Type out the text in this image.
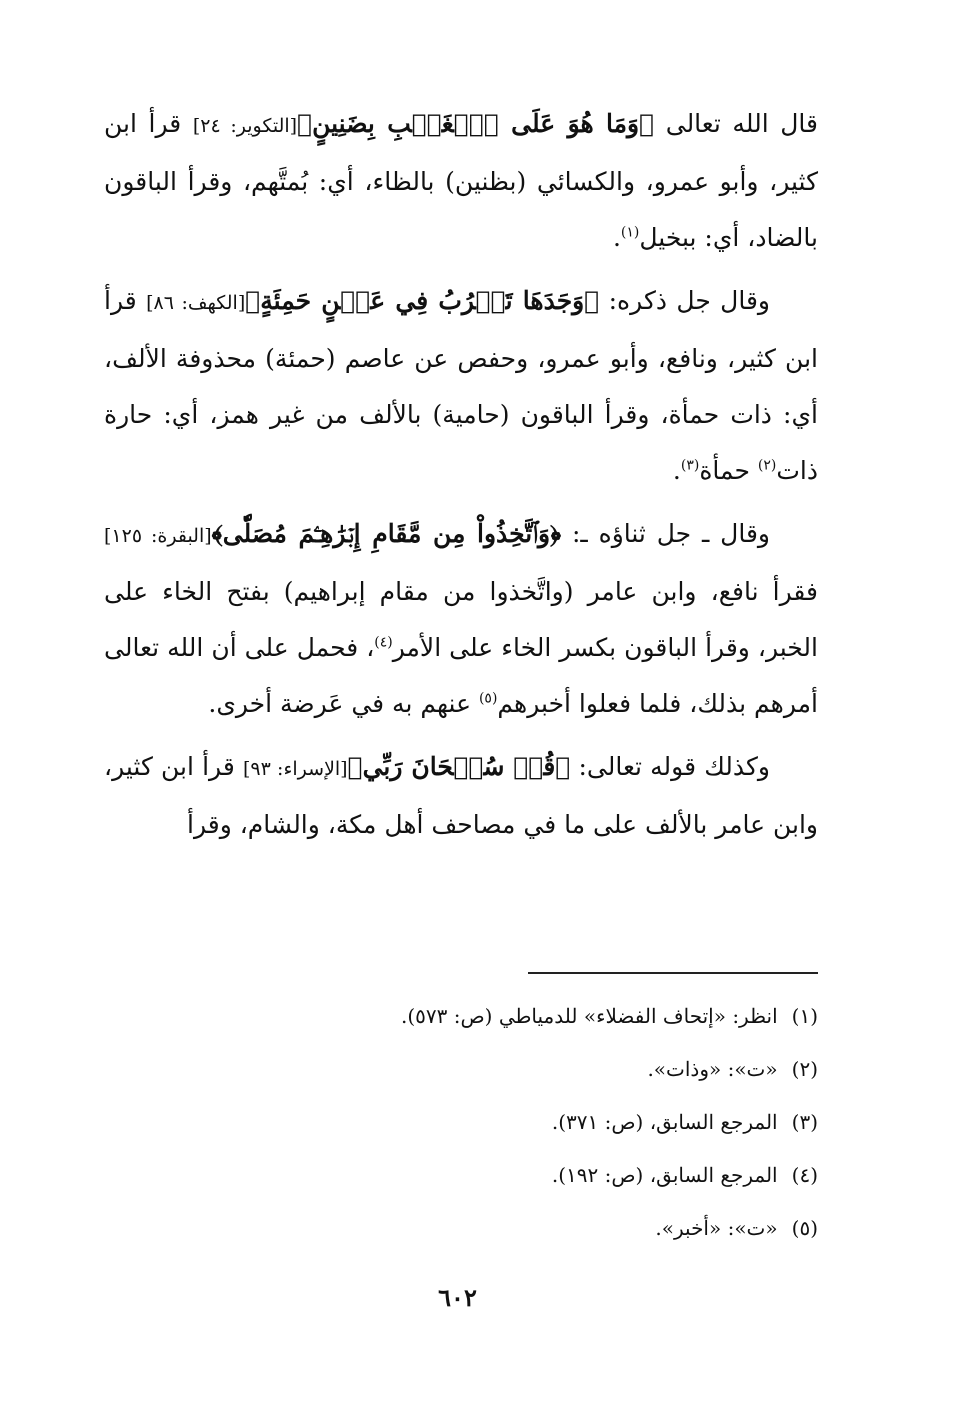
قال الله تعالى ﴿وَمَا هُوَ عَلَى ٱلۡغَيۡبِ بِضَنِينٍ﴾[التكوير: ٢٤] قرأ ابن كثير، وأبو عمرو، والكسائي (بظنين) بالظاء، أي: بُمتَّهم، وقرأ الباقون بالضاد، أي: ببخيل$^{(١)}$.

وقال جل ذكره: ﴿وَجَدَهَا تَغۡرُبُ فِي عَيۡنٍ حَمِئَةٍ﴾[الكهف: ٨٦] قرأ ابن كثير، ونافع، وأبو عمرو، وحفص عن عاصم (حمئة) محذوفة الألف، أي: ذات حمأة، وقرأ الباقون (حامية) بالألف من غير همز، أي: حارة ذات$^{(٢)}$ حمأة$^{(٣)}$.

وقال ـ جل ثناؤه ـ: ﴿وَٱتَّخِذُواْ مِن مَّقَامِ إِبۡرَٰهِـۧمَ مُصَلّٗى﴾[البقرة: ١٢٥] فقرأ نافع، وابن عامر (واتَّخذوا من مقام إبراهيم) بفتح الخاء على الخبر، وقرأ الباقون بكسر الخاء على الأمر$^{(٤)}$، فحمل على أن الله تعالى أمرهم بذلك، فلما فعلوا أخبرهم$^{(٥)}$ عنهم به في عَرضة أخرى.

وكذلك قوله تعالى: ﴿قُلۡ سُبۡحَانَ رَبِّي﴾[الإسراء: ٩٣] قرأ ابن كثير، وابن عامر بالألف على ما في مصاحف أهل مكة، والشام، وقرأ

(١)انظر: «إتحاف الفضلاء» للدمياطي (ص: ٥٧٣).
(٢)«ت»: «وذات».
(٣)المرجع السابق، (ص: ٣٧١).
(٤)المرجع السابق، (ص: ١٩٢).
(٥)«ت»: «أخبر».
٦٠٢
